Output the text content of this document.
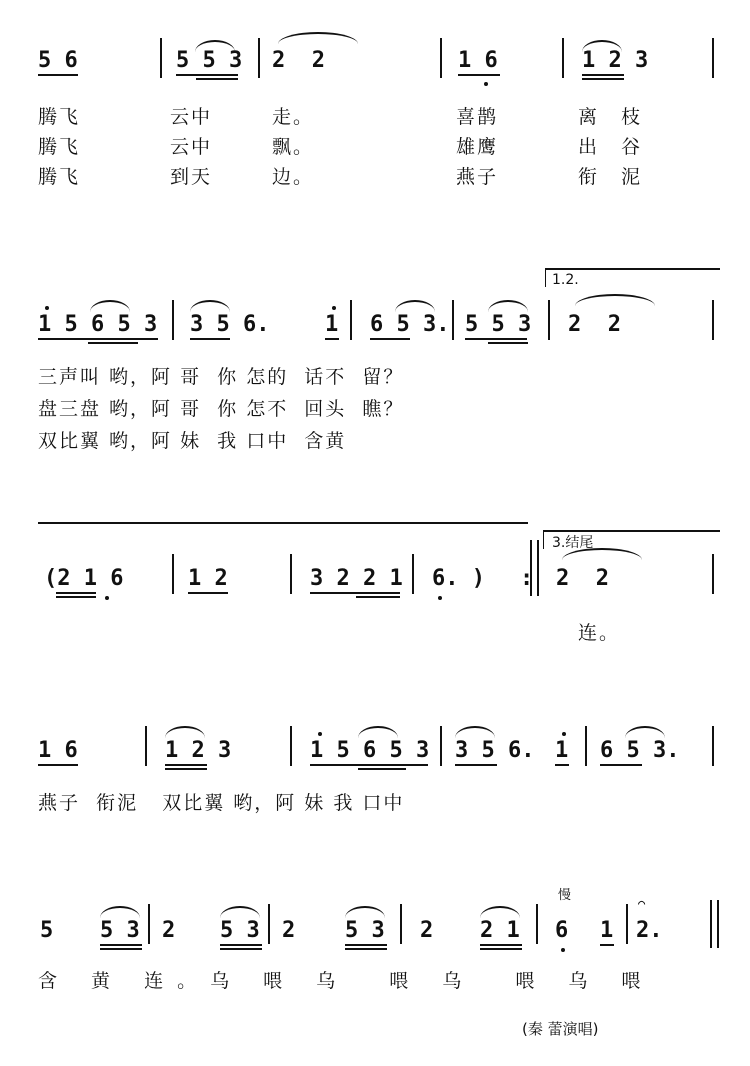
5 6	5 5 3 2  2	1 6	1 2 3
腾飞	云中	走。	喜鹊	离枝
腾飞	云中	飘。	雄鹰	出谷
腾飞	到天	边。	燕子	衔泥
1.2.
1 5 6 5 3 3 5 6.	1 6 5 3. 5 5 3 2  2
三声叫 哟，阿 哥  你 怎的  话不  留？
盘三盘 哟，阿 哥  你 怎不  回头  瞧？
双比翼 哟，阿 妹  我 口中  含黄
3.结尾
(2 1 6	1 2	3 2 2 1 6. ) : 2  2
连。
1 6	1 2 3	1 5 6 5 3 3 5 6. 1 6 5 3.
燕子  衔泥   双比翼 哟，阿 妹 我 口中
慢
5 5 3 2 5 3 2 5 3 2 2 1 6 1 2.
⌒
含 黄 连。乌 喂 乌  喂 乌  喂 乌 喂
(秦 蕾演唱)
